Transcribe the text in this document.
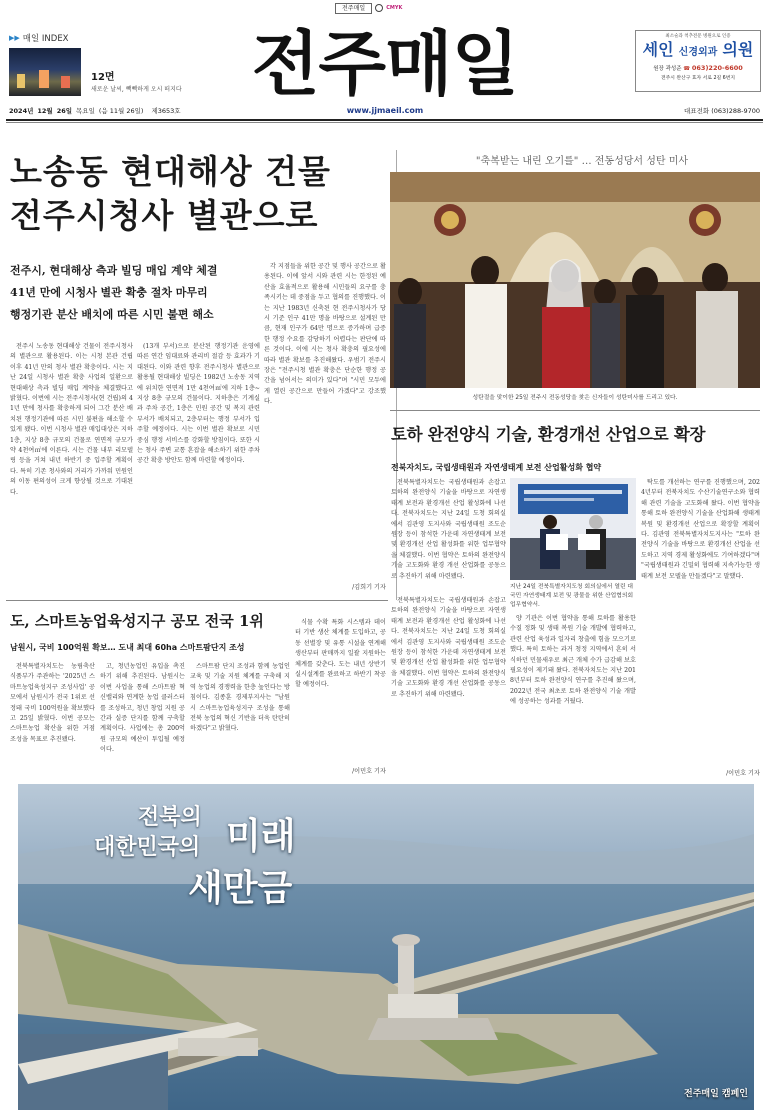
전주매일	CMYK
▶▶ 매일 INDEX
12면
새로운 날씨, 빽빽하게 오시 떠지다 전주매일
www.jjmaeil.com
최소술과 척추전문 병원으로 인증
세인 신경외과 의원
원장 곽성준 ☎ 063)220-6600
전주시 완산구 효자 서로 2길 6번지
2024년 12월 26일 목요일 (음 11월 26일) 제3653호	대표전화 (063)288-9700
노송동 현대해상 건물
전주시청사 별관으로
전주시, 현대해상 측과 빌딩 매입 계약 체결
41년 만에 시청사 별관 확충 절차 마무리
행정기관 분산 배치에 따른 시민 불편 해소

전주시 노송동 현대해상 건물이 전주시청사의 별관으로 활용된다. 이는 시청 본관 건립 이후 41년 만의 청사 별관 확충이다. 시는 지난 24일 시청사 별관 확충 사업의 일환으로 현대해상 측과 빌딩 매입 계약을 체결했다고 밝혔다. 이번에 시는 전주시청사(현 건립)의 41년 만에 청사를 확충하게 되어 그간 분산 배치된 행정기관에 따른 시민 불편을 해소할 수 있게 됐다. 이번 시청사 별관 매입대상은 지하 1층, 지상 8층 규모의 건물로 연면적 규모가 약 4천여㎡에 이른다. 시는 건물 내부 리모델링 등을 거쳐 내년 하반기 중 입주할 계획이다. 특히 기존 청사와의 거리가 가까워 민원인의 이동 편의성이 크게 향상될 것으로 기대된다.

(13개 부서)으로 분산된 행정기관 운영에 따른 연간 임대료와 관리비 절감 등 효과가 기대된다. 이와 관련 향후 전주시청사 별관으로 활용될 현대해상 빌딩은 1982년 노송동 지역에 위치한 연면적 1만 4천여㎡에 지하 1층~지상 8층 규모의 건물이다. 지하층은 기계실과 주차 공간, 1층은 민원 공간 및 복지 관련 부서가 배치되고, 2층부터는 행정 부서가 입주할 예정이다. 시는 이번 별관 확보로 시민 중심 행정 서비스를 강화할 방침이다. 또한 시는 청사 주변 교통 혼잡을 해소하기 위한 주차 공간 확충 방안도 함께 마련할 예정이다.

각 지점들을 위한 공간 및 행사 공간으로 활용된다. 이에 앞서 시와 관련 시는 한정된 예산을 효율적으로 활용해 시민들의 요구를 충족시키는 데 중점을 두고 협의를 진행했다. 이는 지난 1983년 신축된 현 전주시청사가 당시 기준 인구 41만 명을 바탕으로 설계된 만큼, 현재 인구가 64만 명으로 증가하며 급증한 행정 수요를 감당하기 어렵다는 판단에 따른 것이다. 이에 시는 청사 확충의 필요성에 따라 별관 확보를 추진해왔다. 우범기 전주시장은 "전주시청 별관 확충은 단순한 행정 공간을 넘어서는 의미가 있다"며 "시민 모두에게 열린 공간으로 만들어 가겠다"고 강조했다.

/김희기 기자
"축복받는 내린 오기를" … 전동성당서 성탄 미사
성탄절을 맞이한 25일 전주시 전동성당을 찾은 신자들이 성탄미사를 드리고 있다.
토하 완전양식 기술, 환경개선 산업으로 확장
전북자치도, 국립생태원과 자연생태계 보전 산업활성화 협약

전북특별자치도는 국립생태원과 손잡고 토하의 완전양식 기술을 바탕으로 자연생태계 보전과 환경개선 산업 활성화에 나선다. 전북자치도는 지난 24일 도청 회의실에서 김관영 도지사와 국립생태원 조도순 원장 등이 참석한 가운데 자연생태계 보전 및 환경개선 산업 활성화를 위한 업무협약을 체결했다. 이번 협약은 토하의 완전양식 기술 고도화와 환경 개선 산업화를 공동으로 추진하기 위해 마련됐다.

지난 24일 전북특별자치도청 회의실에서 열린 대국민 자연생태계 보전 및 광물을 위한 산업협의회 업무협약서.

양 기관은 이번 협약을 통해 토하를 활용한 수질 정화 및 생태 복원 기술 개발에 협력하고, 관련 산업 육성과 일자리 창출에 힘을 모으기로 했다. 특히 토하는 과거 청정 지역에서 흔히 서식하던 민물새우로 최근 개체 수가 급감해 보호 필요성이 제기돼 왔다. 전북자치도는 지난 2018년부터 토하 완전양식 연구를 추진해 왔으며, 2022년 전국 최초로 토하 완전양식 기술 개발에 성공하는 성과를 거뒀다.

전북특별자치도는 국립생태원과 손잡고 토하의 완전양식 기술을 바탕으로 자연생태계 보전과 환경개선 산업 활성화에 나선다. 전북자치도는 지난 24일 도청 회의실에서 김관영 도지사와 국립생태원 조도순 원장 등이 참석한 가운데 자연생태계 보전 및 환경개선 산업 활성화를 위한 업무협약을 체결했다. 이번 협약은 토하의 완전양식 기술 고도화와 환경 개선 산업화를 공동으로 추진하기 위해 마련됐다.

탁도를 개선하는 연구를 진행했으며, 2024년부터 전북자치도 수산기술연구소와 협력해 관련 기술을 고도화해 왔다. 이번 협약을 통해 토하 완전양식 기술을 산업화해 생태계 복원 및 환경개선 산업으로 확장할 계획이다. 김관영 전북특별자치도지사는 "토하 완전양식 기술을 바탕으로 환경개선 산업을 선도하고 지역 경제 활성화에도 기여하겠다"며 "국립생태원과 긴밀히 협력해 지속가능한 생태계 보전 모델을 만들겠다"고 말했다.

/이민호 기자
도, 스마트농업육성지구 공모 전국 1위
남원시, 국비 100억원 확보… 도내 최대 60ha 스마트팜단지 조성

전북특별자치도는 농림축산식품부가 주관하는 '2025년 스마트농업육성지구 조성사업' 공모에서 남원시가 전국 1위로 선정돼 국비 100억원을 확보했다고 25일 밝혔다. 이번 공모는 스마트농업 확산을 위한 거점 조성을 목표로 추진됐다.

고, 청년농업인 유입을 촉진하기 위해 추진된다. 남원시는 이번 사업을 통해 스마트팜 혁신밸리와 연계한 농업 클러스터를 조성하고, 청년 창업 지원 공간과 실증 단지를 함께 구축할 계획이다. 사업에는 총 200억원 규모의 예산이 투입될 예정이다.

스마트팜 단지 조성과 함께 농업인 교육 및 기술 지원 체계를 구축해 지역 농업의 경쟁력을 한층 높인다는 방침이다. 김종훈 경제부지사는 "남원시 스마트농업육성지구 조성을 통해 전북 농업의 혁신 기반을 더욱 탄탄히 하겠다"고 밝혔다.

식물 수확 특화 시스템과 데이터 기반 생산 체계를 도입하고, 공동 선별장 및 유통 시설을 연계해 생산부터 판매까지 일괄 지원하는 체계를 갖춘다. 도는 내년 상반기 실시설계를 완료하고 하반기 착공할 예정이다.

/이민호 기자
전북의
대한민국의 미래
새만금
전주매일 캠페인
